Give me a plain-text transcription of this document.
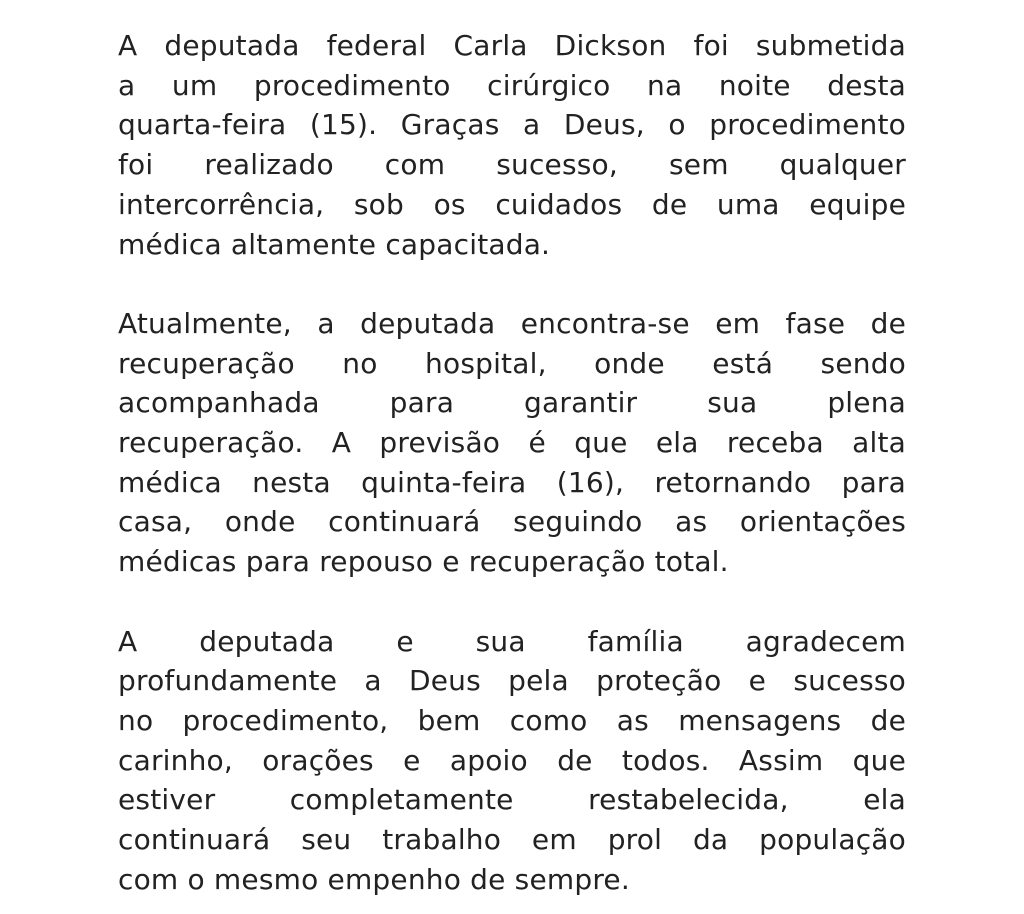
A deputada federal Carla Dickson foi submetida
a um procedimento cirúrgico na noite desta
quarta-feira (15). Graças a Deus, o procedimento
foi realizado com sucesso, sem qualquer
intercorrência, sob os cuidados de uma equipe
médica altamente capacitada.

Atualmente, a deputada encontra-se em fase de
recuperação no hospital, onde está sendo
acompanhada para garantir sua plena
recuperação. A previsão é que ela receba alta
médica nesta quinta-feira (16), retornando para
casa, onde continuará seguindo as orientações
médicas para repouso e recuperação total.

A deputada e sua família agradecem
profundamente a Deus pela proteção e sucesso
no procedimento, bem como as mensagens de
carinho, orações e apoio de todos. Assim que
estiver completamente restabelecida, ela
continuará seu trabalho em prol da população
com o mesmo empenho de sempre.
